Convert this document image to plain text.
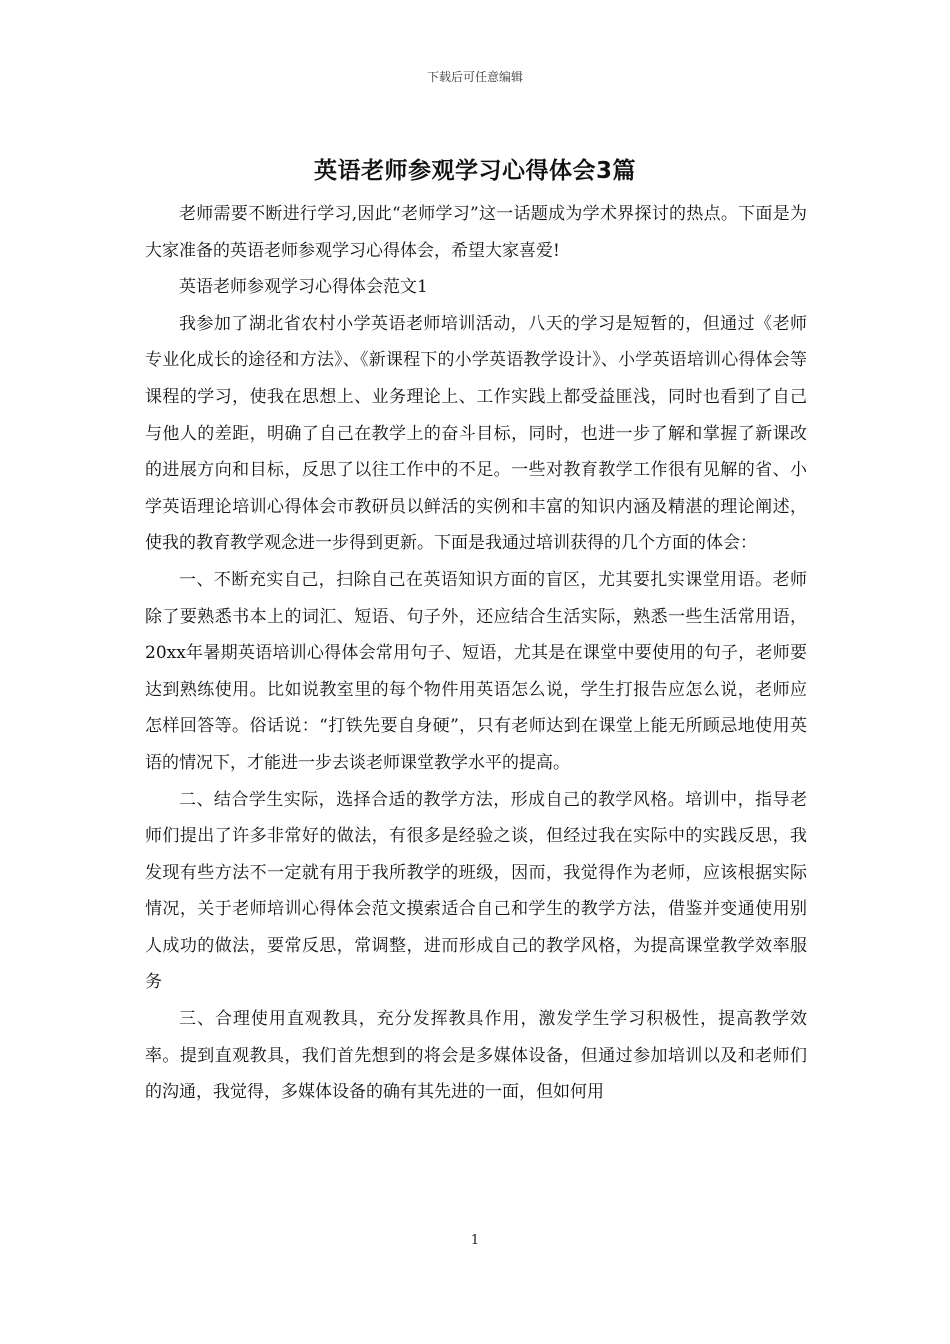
下载后可任意编辑
英语老师参观学习心得体会3篇

老师需要不断进行学习,因此“老师学习”这一话题成为学术界探讨的热点。下面是为大家准备的英语老师参观学习心得体会，希望大家喜爱!

英语老师参观学习心得体会范文1

我参加了湖北省农村小学英语老师培训活动，八天的学习是短暂的，但通过《老师专业化成长的途径和方法》、《新课程下的小学英语教学设计》、小学英语培训心得体会等课程的学习，使我在思想上、业务理论上、工作实践上都受益匪浅，同时也看到了自己与他人的差距，明确了自己在教学上的奋斗目标，同时，也进一步了解和掌握了新课改的进展方向和目标，反思了以往工作中的不足。一些对教育教学工作很有见解的省、小学英语理论培训心得体会市教研员以鲜活的实例和丰富的知识内涵及精湛的理论阐述，使我的教育教学观念进一步得到更新。下面是我通过培训获得的几个方面的体会：

一、不断充实自己，扫除自己在英语知识方面的盲区，尤其要扎实课堂用语。老师除了要熟悉书本上的词汇、短语、句子外，还应结合生活实际，熟悉一些生活常用语，20xx年暑期英语培训心得体会常用句子、短语，尤其是在课堂中要使用的句子，老师要达到熟练使用。比如说教室里的每个物件用英语怎么说，学生打报告应怎么说，老师应怎样回答等。俗话说：“打铁先要自身硬”，只有老师达到在课堂上能无所顾忌地使用英语的情况下，才能进一步去谈老师课堂教学水平的提高。

二、结合学生实际，选择合适的教学方法，形成自己的教学风格。培训中，指导老师们提出了许多非常好的做法，有很多是经验之谈，但经过我在实际中的实践反思，我发现有些方法不一定就有用于我所教学的班级，因而，我觉得作为老师，应该根据实际情况，关于老师培训心得体会范文摸索适合自己和学生的教学方法，借鉴并变通使用别人成功的做法，要常反思，常调整，进而形成自己的教学风格，为提高课堂教学效率服务

三、合理使用直观教具，充分发挥教具作用，激发学生学习积极性，提高教学效率。提到直观教具，我们首先想到的将会是多媒体设备，但通过参加培训以及和老师们的沟通，我觉得，多媒体设备的确有其先进的一面，但如何用

1
